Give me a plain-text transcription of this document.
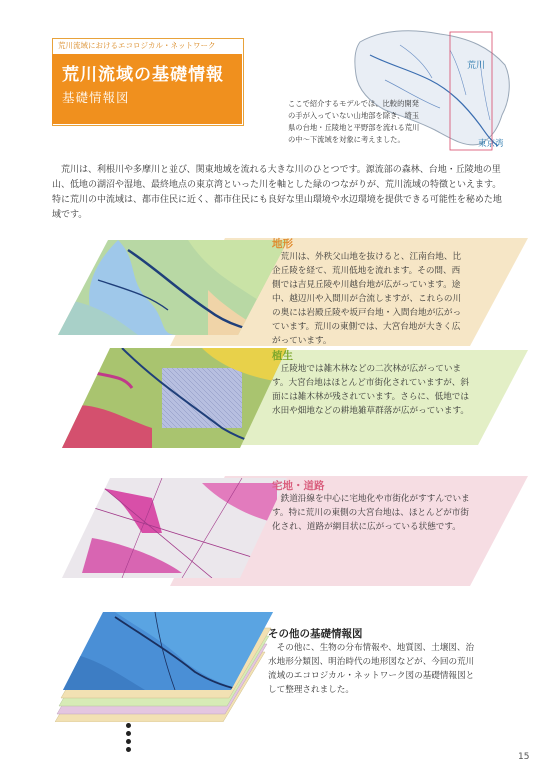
荒川流域におけるエコロジカル・ネットワーク
荒川流域の基礎情報
基礎情報図
荒川
東京湾
ここで紹介するモデルでは、比較的開発の手が入っていない山地部を除き、埼玉県の台地・丘陵地と平野部を流れる荒川の中～下流域を対象に考えました。
荒川は、利根川や多摩川と並び、関東地域を流れる大きな川のひとつです。源流部の森林、台地・丘陵地の里山、低地の湖沼や湿地、最終地点の東京湾といった川を軸とした緑のつながりが、荒川流域の特徴といえます。特に荒川の中流域は、都市住民に近く、都市住民にも良好な里山環境や水辺環境を提供できる可能性を秘めた地域です。
地形
荒川は、外秩父山地を抜けると、江南台地、比企丘陵を経て、荒川低地を流れます。その間、西側では吉見丘陵や川越台地が広がっています。途中、越辺川や入間川が合流しますが、これらの川の奥には岩殿丘陵や坂戸台地・入間台地が広がっています。荒川の東側では、大宮台地が大きく広がっています。
植生
丘陵地では雑木林などの二次林が広がっています。大宮台地はほとんど市街化されていますが、斜面には雑木林が残されています。さらに、低地では水田や畑地などの耕地雑草群落が広がっています。
宅地・道路
鉄道沿線を中心に宅地化や市街化がすすんでいます。特に荒川の東側の大宮台地は、ほとんどが市街化され、道路が網目状に広がっている状態です。
その他の基礎情報図
その他に、生物の分布情報や、地質図、土壌図、治水地形分類図、明治時代の地形図などが、今回の荒川流域のエコロジカル・ネットワーク図の基礎情報図として整理されました。
15
